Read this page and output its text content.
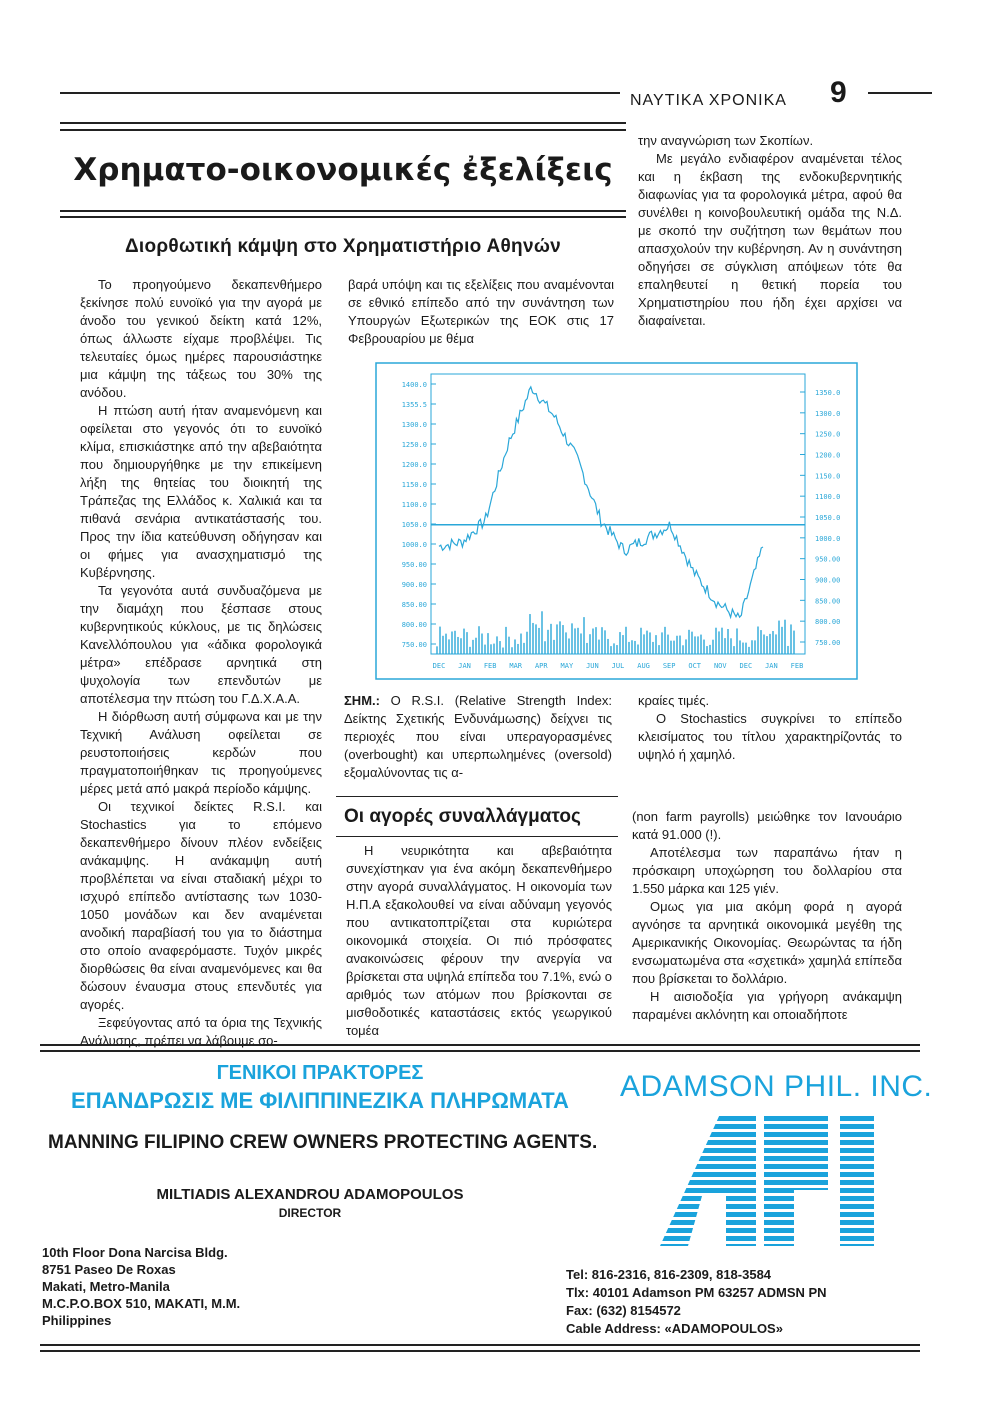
ΝΑΥΤΙΚΑ ΧΡΟΝΙΚΑ 9
Χρηματο-οικονομικές ἐξελίξεις
Διορθωτική κάμψη στο Χρηματιστήριο Αθηνών

Το προηγούμενο δεκαπενθήμερο ξεκίνησε πολύ ευνοϊκό για την αγορά με άνοδο του γενικού δείκτη κατά 12%, όπως άλλωστε είχαμε προβλέψει. Τις τελευταίες όμως ημέρες παρουσιάστηκε μια κάμψη της τάξεως του 30% της ανόδου.

Η πτώση αυτή ήταν αναμενόμενη και οφείλεται στο γεγονός ότι το ευνοϊκό κλίμα, επισκιάστηκε από την αβεβαιότητα που δημιουργήθηκε με την επικείμενη λήξη της θητείας του διοικητή της Τράπεζας της Ελλάδος κ. Χαλικιά και τα πιθανά σενάρια αντικατάστασής του. Προς την ίδια κατεύθυνση οδήγησαν και οι φήμες για ανασχηματισμό της Κυβέρνησης.

Τα γεγονότα αυτά συνδυαζόμενα με την διαμάχη που ξέσπασε στους κυβερνητικούς κύκλους, με τις δηλώσεις Καvελλόπουλου για «άδικα φορολογικά μέτρα» επέδρασε αρνητικά στη ψυχολογία των επενδυτών με αποτέλεσμα την πτώση του Γ.Δ.Χ.Α.Α.

Η διόρθωση αυτή σύμφωνα και με την Τεχνική Ανάλυση οφείλεται σε ρευστοποιήσεις κερδών που πραγματοποιήθηκαν τις προηγούμενες μέρες μετά από μακρά περίοδο κάμψης.

Οι τεχνικοί δείκτες R.S.I. και Stochastics για το επόμενο δεκαπενθήμερο δίνουν πλέον ενδείξεις ανάκαμψης. Η ανάκαμψη αυτή προβλέπεται να είναι σταδιακή μέχρι το ισχυρό επίπεδο αντίστασης των 1030-1050 μονάδων και δεν αναμένεται ανοδική παραβίασή του για το διάστημα στο οποίο αναφερόμαστε. Τυχόν μικρές διορθώσεις θα είναι αναμενόμενες και θα δώσουν έναυσμα στους επενδυτές για αγορές.

Ξεφεύγοντας από τα όρια της Τεχνικής Ανάλυσης, πρέπει να λάβουμε σο-

βαρά υπόψη και τις εξελίξεις που αναμένονται σε εθνικό επίπεδο από την συνάντηση των Υπουργών Εξωτερικών της ΕΟΚ στις 17 Φεβρουαρίου με θέμα

την αναγνώριση των Σκοπίων.

Με μεγάλο ενδιαφέρον αναμένεται τέλος και η έκβαση της ενδοκυβερνητικής διαφωνίας για τα φορολογικά μέτρα, αφού θα συνέλθει η κοινοβουλευτική ομάδα της Ν.Δ. με σκοπό την συζήτηση των θεμάτων που απασχολούν την κυβέρνηση. Αν η συνάντηση οδηγήσει σε σύγκλιση απόψεων τότε θα επαληθευτεί η θετική πορεία του Χρηματιστηρίου που ήδη έχει αρχίσει να διαφαίνεται.

1400.0
1355.5
1300.0
1250.0
1200.0
1150.0
1100.0
1050.0
1000.0
950.00
900.00
850.00
800.00
750.00
1350.0
1300.0
1250.0
1200.0
1150.0
1100.0
1050.0
1000.0
950.00
900.00
850.00
800.00
750.00
DEC JAN FEB MAR APR MAY JUN JUL AUG SEP OCT NOV DEC JAN FEB

ΣΗΜ.: O R.S.I. (Relative Strength Index: Δείκτης Σχετικής Ενδυνάμωσης) δείχνει τις περιοχές που είναι υπεραγορασμένες (overbought) και υπερπωλημένες (oversold) εξομαλύνοντας τις α-

κραίες τιμές.

Ο Stochastics συγκρίνει το επίπεδο κλεισίματος του τίτλου χαρακτηρίζοντάς το υψηλό ή χαμηλό.

Οι αγορές συναλλάγματος

Η νευρικότητα και αβεβαιότητα συνεχίστηκαν για ένα ακόμη δεκαπενθήμερο στην αγορά συναλλάγματος. Η οικονομία των Η.Π.Α εξακολουθεί να είναι αδύναμη γεγονός που αντικατοπτρίζεται στα κυριώτερα οικονομικά στοιχεία. Οι πιό πρόσφατες ανακοινώσεις φέρουν την ανεργία να βρίσκεται στα υψηλά επίπεδα του 7.1%, ενώ ο αριθμός των ατόμων που βρίσκονται σε μισθοδοτικές καταστάσεις εκτός γεωργικού τομέα

(non farm payrolls) μειώθηκε τον Ιανουάριο κατά 91.000 (!).

Αποτέλεσμα των παραπάνω ήταν η πρόσκαιρη υποχώρηση του δολλαρίου στα 1.550 μάρκα και 125 γιέν.

Ομως για μια ακόμη φορά η αγορά αγνόησε τα αρνητικά οικονομικά μεγέθη της Αμερικανικής Οικονομίας. Θεωρώντας τα ήδη ενσωματωμένα στα «σχετικά» χαμηλά επίπεδα που βρίσκεται το δολλάριο.

Η αισιοδοξία για γρήγορη ανάκαμψη παραμένει ακλόνητη και οποιαδήποτε

ΓΕΝΙΚΟΙ ΠΡΑΚΤΟΡΕΣ
ΕΠΑΝΔΡΩΣΙΣ ΜΕ ΦΙΛΙΠΠΙΝΕΖΙΚΑ ΠΛΗΡΩΜΑΤΑ
MANNING FILIPINO CREW OWNERS PROTECTING AGENTS.
MILTIADIS ALEXANDROU ADAMOPOULOS
DIRECTOR
10th Floor Dona Narcisa Bldg.
8751 Paseo De Roxas
Makati, Metro-Manila
M.C.P.O.BOX 510, MAKATI, M.M.
Philippines
ADAMSON PHIL. INC.
Tel: 816-2316, 816-2309, 818-3584
Tlx: 40101 Adamson PM 63257 ADMSN PN
Fax: (632) 8154572
Cable Address: «ADAMOPOULOS»
